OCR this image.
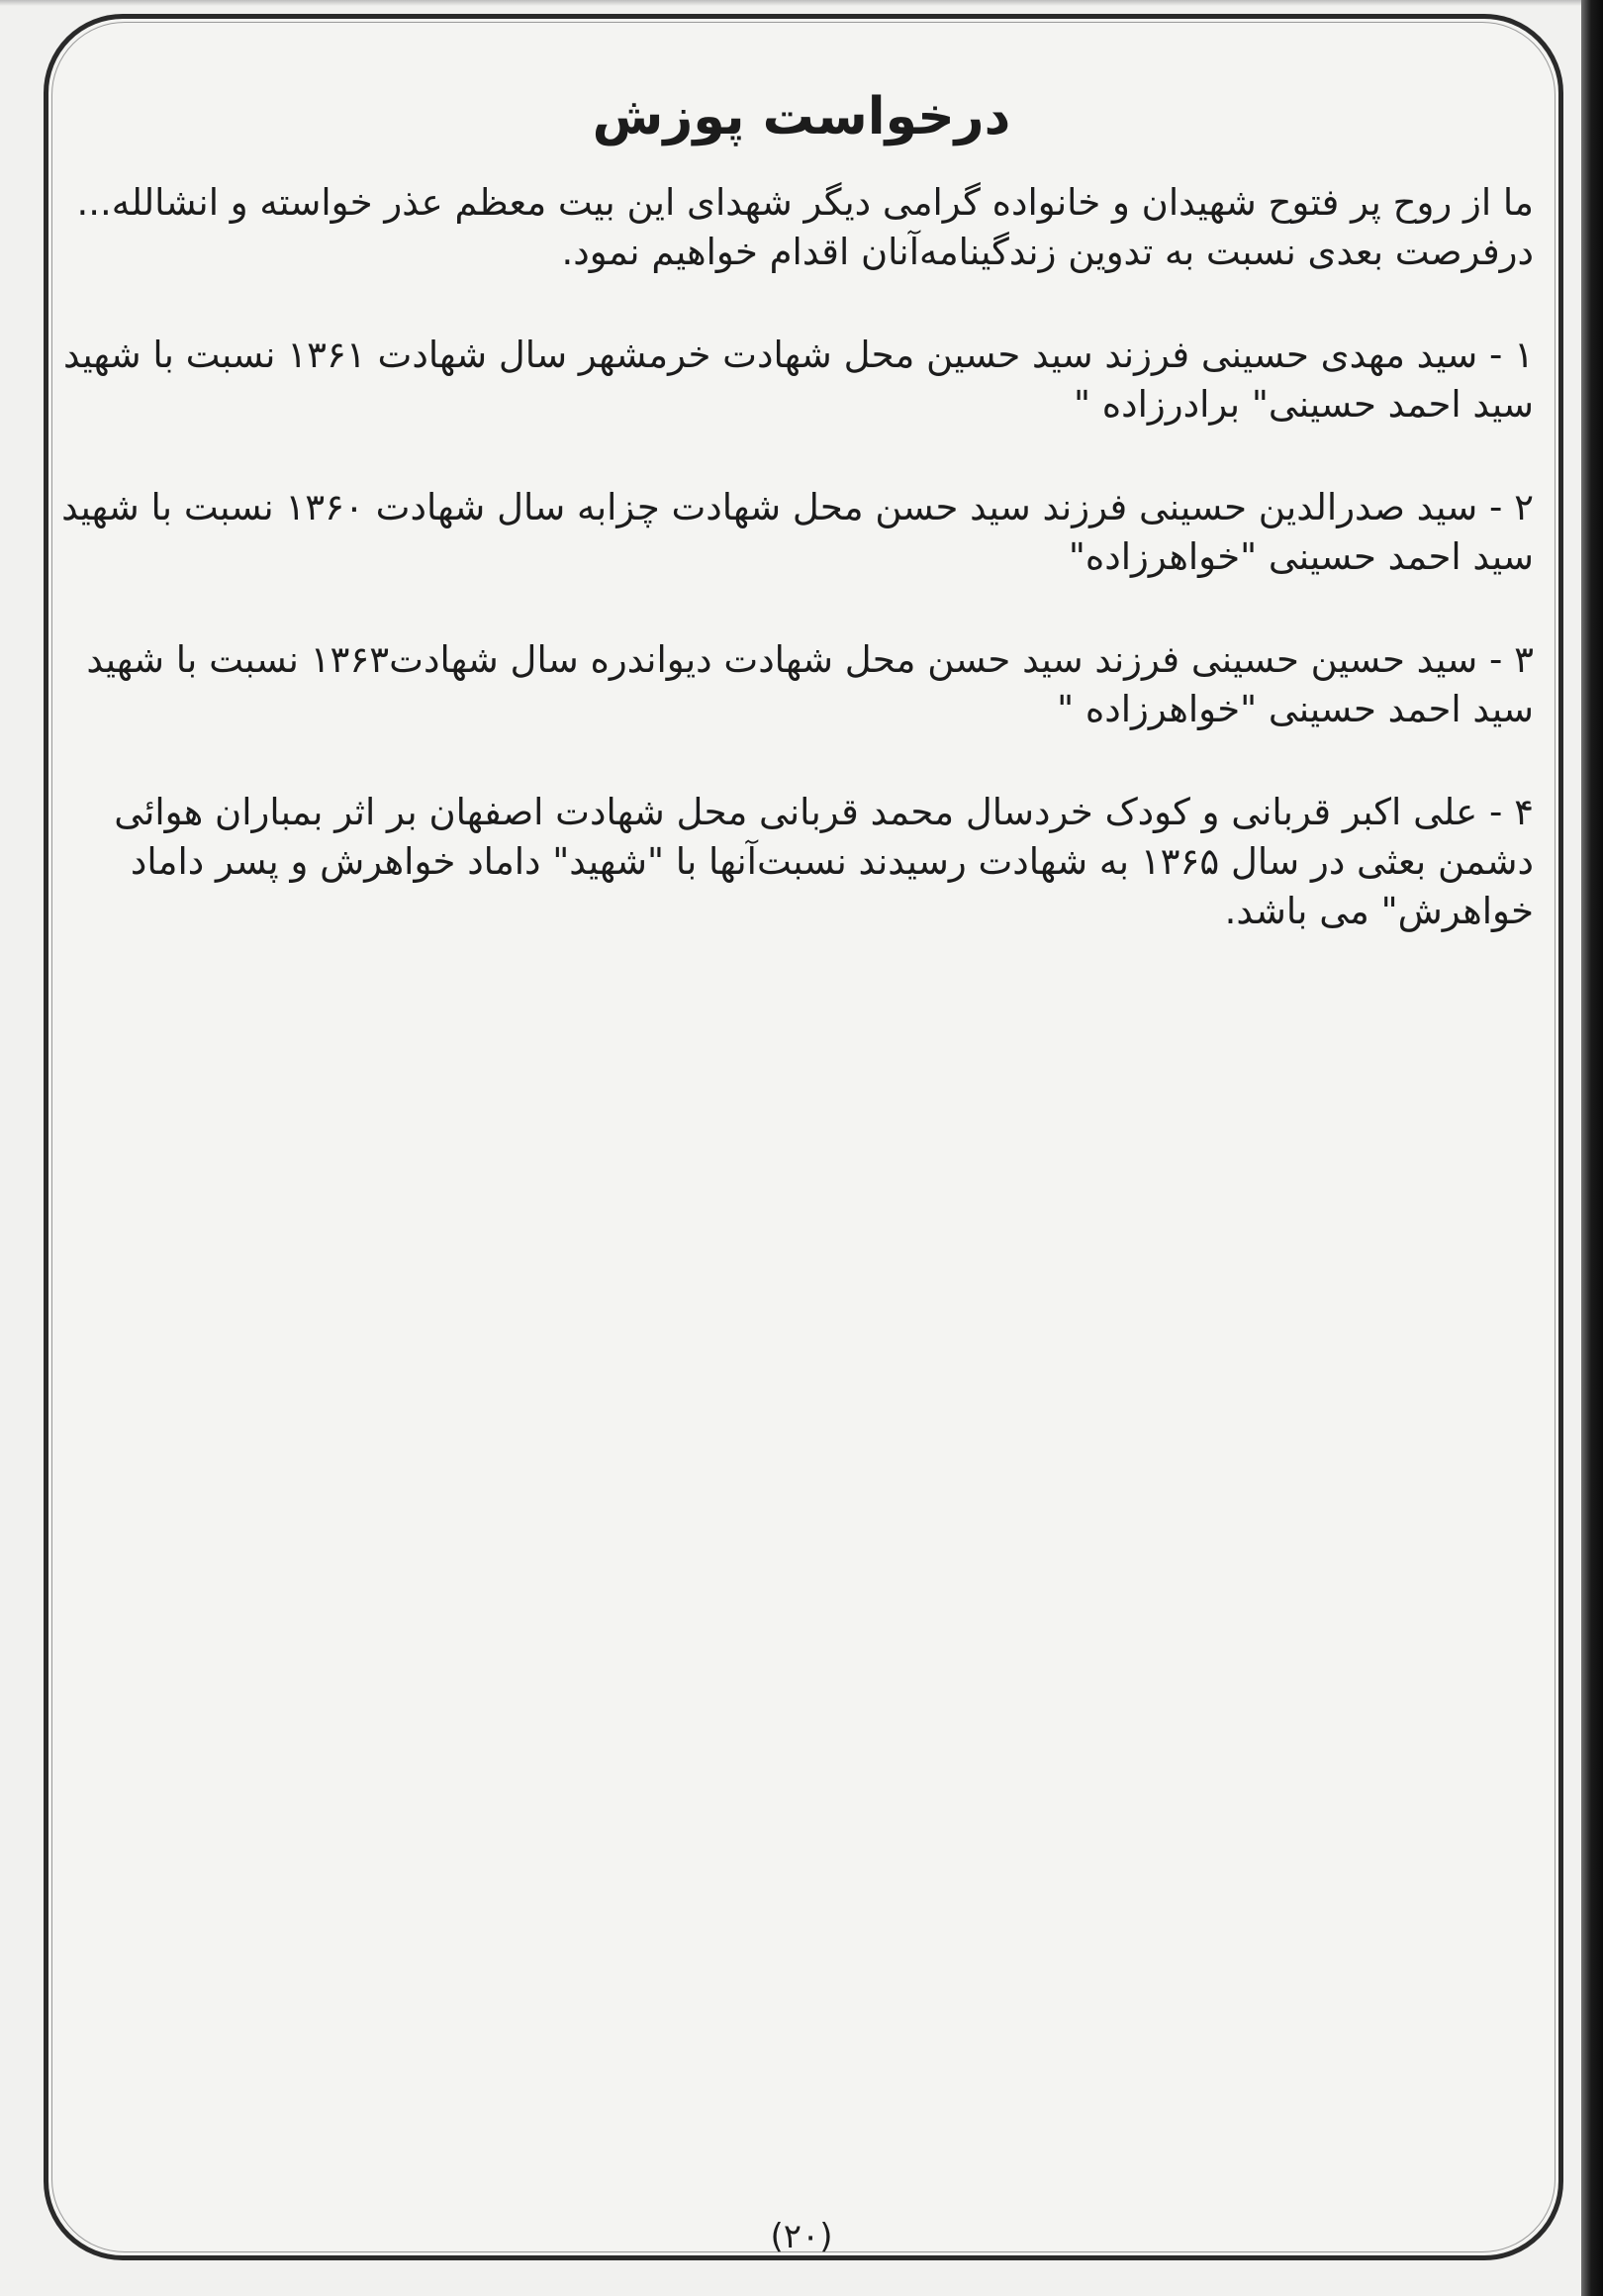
درخواست پوزش

ما از روح پر فتوح شهیدان و خانواده گرامی دیگر شهدای این بیت معظم عذر خواسته و انشالله... درفرصت بعدی نسبت به تدوین زندگینامه‌آنان اقدام خواهیم نمود.

۱ - سید مهدی حسینی فرزند سید حسین محل شهادت خرمشهر سال شهادت ۱۳۶۱ نسبت با شهید سید احمد حسینی" برادرزاده "

۲ - سید صدرالدین حسینی فرزند سید حسن محل شهادت چزابه سال شهادت ۱۳۶۰ نسبت با شهید سید احمد حسینی "خواهرزاده"

۳ - سید حسین حسینی فرزند سید حسن محل شهادت دیواندره سال شهادت۱۳۶۳ نسبت با شهید سید احمد حسینی "خواهرزاده "

۴ - علی اکبر قربانی و کودک خردسال محمد قربانی محل شهادت اصفهان بر اثر بمباران هوائی دشمن بعثی در سال ۱۳۶۵ به شهادت رسیدند نسبت‌آنها با "شهید" داماد خواهرش و پسر داماد خواهرش" می باشد.

(۲۰)
